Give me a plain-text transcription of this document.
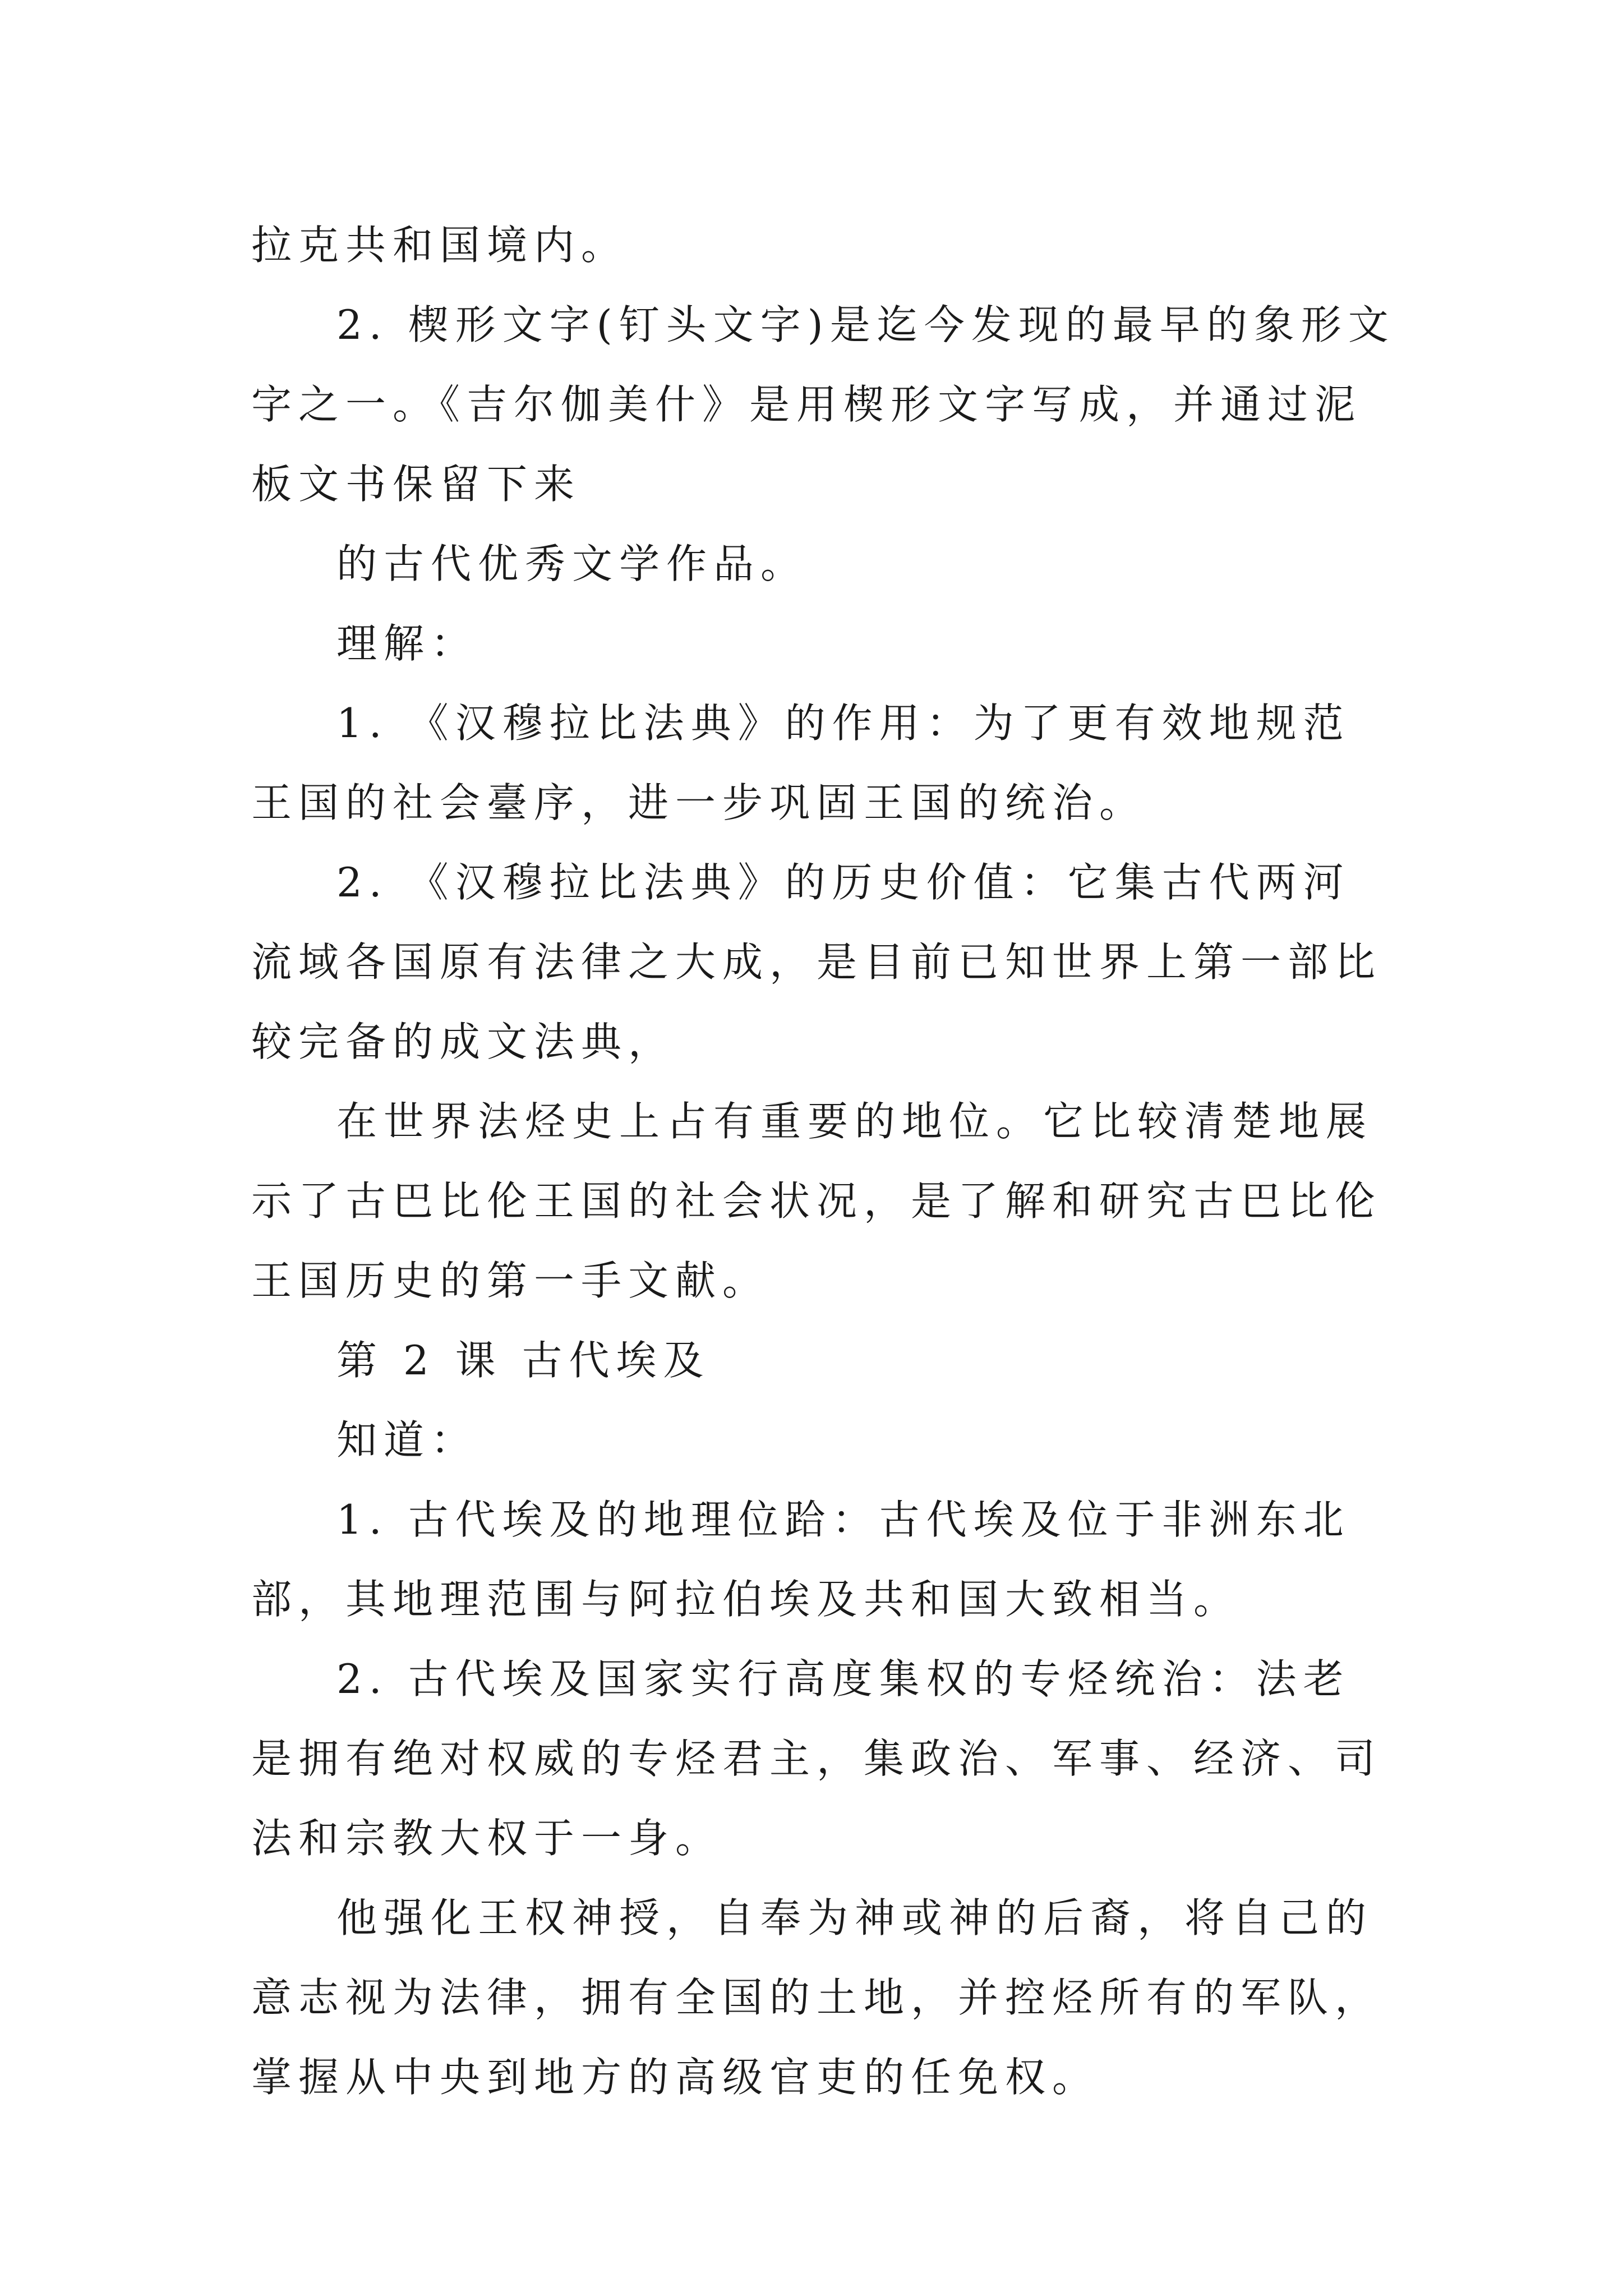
拉克共和国境内。

2. 楔形文字(钉头文字)是迄今发现的最早的象形文字之一。《吉尔伽美什》是用楔形文字写成，并通过泥板文书保留下来

的古代优秀文学作品。

理解：

1. 《汉穆拉比法典》的作用：为了更有效地规范王国的社会臺序，进一步巩固王国的统治。

2. 《汉穆拉比法典》的历史价值：它集古代两河流域各国原有法律之大成，是目前已知世界上第一部比较完备的成文法典，

在世界法烃史上占有重要的地位。它比较清楚地展示了古巴比伦王国的社会状况，是了解和研究古巴比伦王国历史的第一手文献。

第 2 课 古代埃及

知道：

1. 古代埃及的地理位跲：古代埃及位于非洲东北部，其地理范围与阿拉伯埃及共和国大致相当。

2. 古代埃及国家实行高度集权的专烃统治：法老是拥有绝对权威的专烃君主，集政治、军事、经济、司法和宗教大权于一身。

他强化王权神授，自奉为神或神的后裔，将自己的意志视为法律，拥有全国的土地，并控烃所有的军队，掌握从中央到地方的高级官吏的任免权。
